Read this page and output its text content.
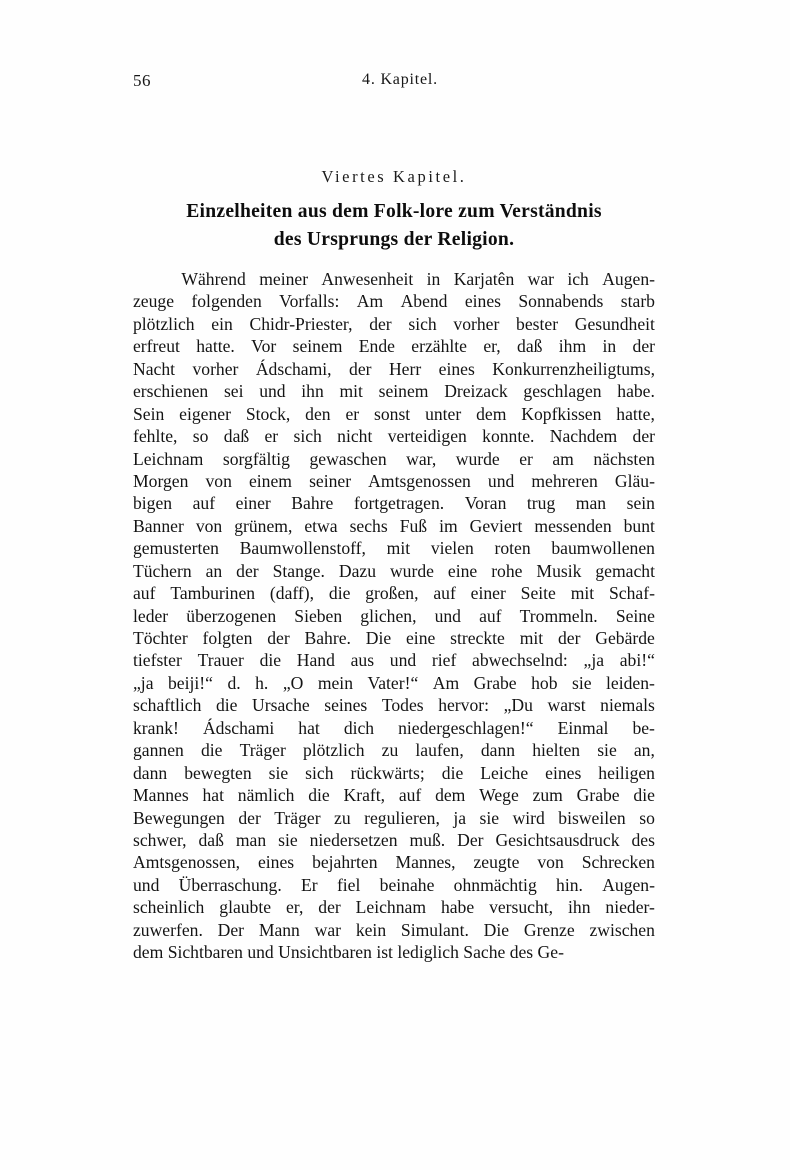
56	4. Kapitel.
Viertes Kapitel.
Einzelheiten aus dem Folk-lore zum Verständnis
des Ursprungs der Religion.
Während meiner Anwesenheit in Karjatên war ich Augen-
zeuge folgenden Vorfalls: Am Abend eines Sonnabends starb
plötzlich ein Chidr-Priester, der sich vorher bester Gesundheit
erfreut hatte. Vor seinem Ende erzählte er, daß ihm in der
Nacht vorher Ádschami, der Herr eines Konkurrenzheiligtums,
erschienen sei und ihn mit seinem Dreizack geschlagen habe.
Sein eigener Stock, den er sonst unter dem Kopfkissen hatte,
fehlte, so daß er sich nicht verteidigen konnte. Nachdem der
Leichnam sorgfältig gewaschen war, wurde er am nächsten
Morgen von einem seiner Amtsgenossen und mehreren Gläu-
bigen auf einer Bahre fortgetragen. Voran trug man sein
Banner von grünem, etwa sechs Fuß im Geviert messenden bunt
gemusterten Baumwollenstoff, mit vielen roten baumwollenen
Tüchern an der Stange. Dazu wurde eine rohe Musik gemacht
auf Tamburinen (daff), die großen, auf einer Seite mit Schaf-
leder überzogenen Sieben glichen, und auf Trommeln. Seine
Töchter folgten der Bahre. Die eine streckte mit der Gebärde
tiefster Trauer die Hand aus und rief abwechselnd: „ja abi!“
„ja beiji!“ d. h. „O mein Vater!“ Am Grabe hob sie leiden-
schaftlich die Ursache seines Todes hervor: „Du warst niemals
krank! Ádschami hat dich niedergeschlagen!“ Einmal be-
gannen die Träger plötzlich zu laufen, dann hielten sie an,
dann bewegten sie sich rückwärts; die Leiche eines heiligen
Mannes hat nämlich die Kraft, auf dem Wege zum Grabe die
Bewegungen der Träger zu regulieren, ja sie wird bisweilen so
schwer, daß man sie niedersetzen muß. Der Gesichtsausdruck des
Amtsgenossen, eines bejahrten Mannes, zeugte von Schrecken
und Überraschung. Er fiel beinahe ohnmächtig hin. Augen-
scheinlich glaubte er, der Leichnam habe versucht, ihn nieder-
zuwerfen. Der Mann war kein Simulant. Die Grenze zwischen
dem Sichtbaren und Unsichtbaren ist lediglich Sache des Ge-
